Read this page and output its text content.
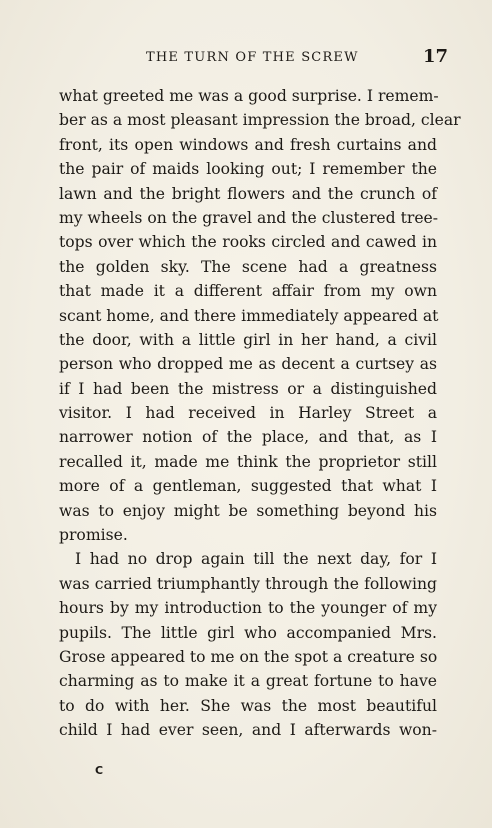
THE TURN OF THE SCREW	17
what greeted me was a good surprise. I remem-
ber as a most pleasant impression the broad, clear
front, its open windows and fresh curtains and
the pair of maids looking out; I remember the
lawn and the bright flowers and the crunch of
my wheels on the gravel and the clustered tree-
tops over which the rooks circled and cawed in
the golden sky. The scene had a greatness
that made it a different affair from my own
scant home, and there immediately appeared at
the door, with a little girl in her hand, a civil
person who dropped me as decent a curtsey as
if I had been the mistress or a distinguished
visitor. I had received in Harley Street a
narrower notion of the place, and that, as I
recalled it, made me think the proprietor still
more of a gentleman, suggested that what I
was to enjoy might be something beyond his
promise.
I had no drop again till the next day, for I
was carried triumphantly through the following
hours by my introduction to the younger of my
pupils. The little girl who accompanied Mrs.
Grose appeared to me on the spot a creature so
charming as to make it a great fortune to have
to do with her. She was the most beautiful
child I had ever seen, and I afterwards won-
C
